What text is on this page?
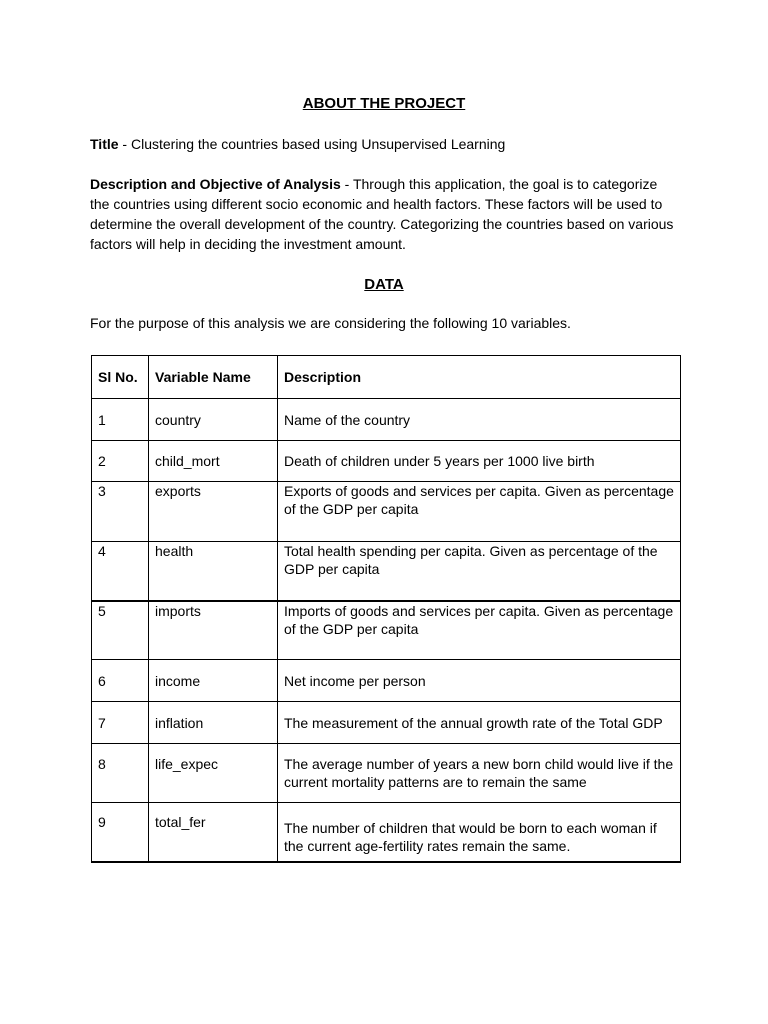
ABOUT THE PROJECT

Title - Clustering the countries based using Unsupervised Learning

Description and Objective of Analysis - Through this application, the goal is to categorize the countries using different socio economic and health factors. These factors will be used to determine the overall development of the country. Categorizing the countries based on various factors will help in deciding the investment amount.

DATA

For the purpose of this analysis we are considering the following 10 variables.

Sl No.	Variable Name	Description
1	country	Name of the country
2	child_mort	Death of children under 5 years per 1000 live birth
3	exports	Exports of goods and services per capita. Given as percentage of the GDP per capita
4	health	Total health spending per capita. Given as percentage of the GDP per capita
5	imports	Imports of goods and services per capita. Given as percentage of the GDP per capita
6	income	Net income per person
7	inflation	The measurement of the annual growth rate of the Total GDP
8	life_expec	The average number of years a new born child would live if the current mortality patterns are to remain the same
9	total_fer	The number of children that would be born to each woman if the current age-fertility rates remain the same.
